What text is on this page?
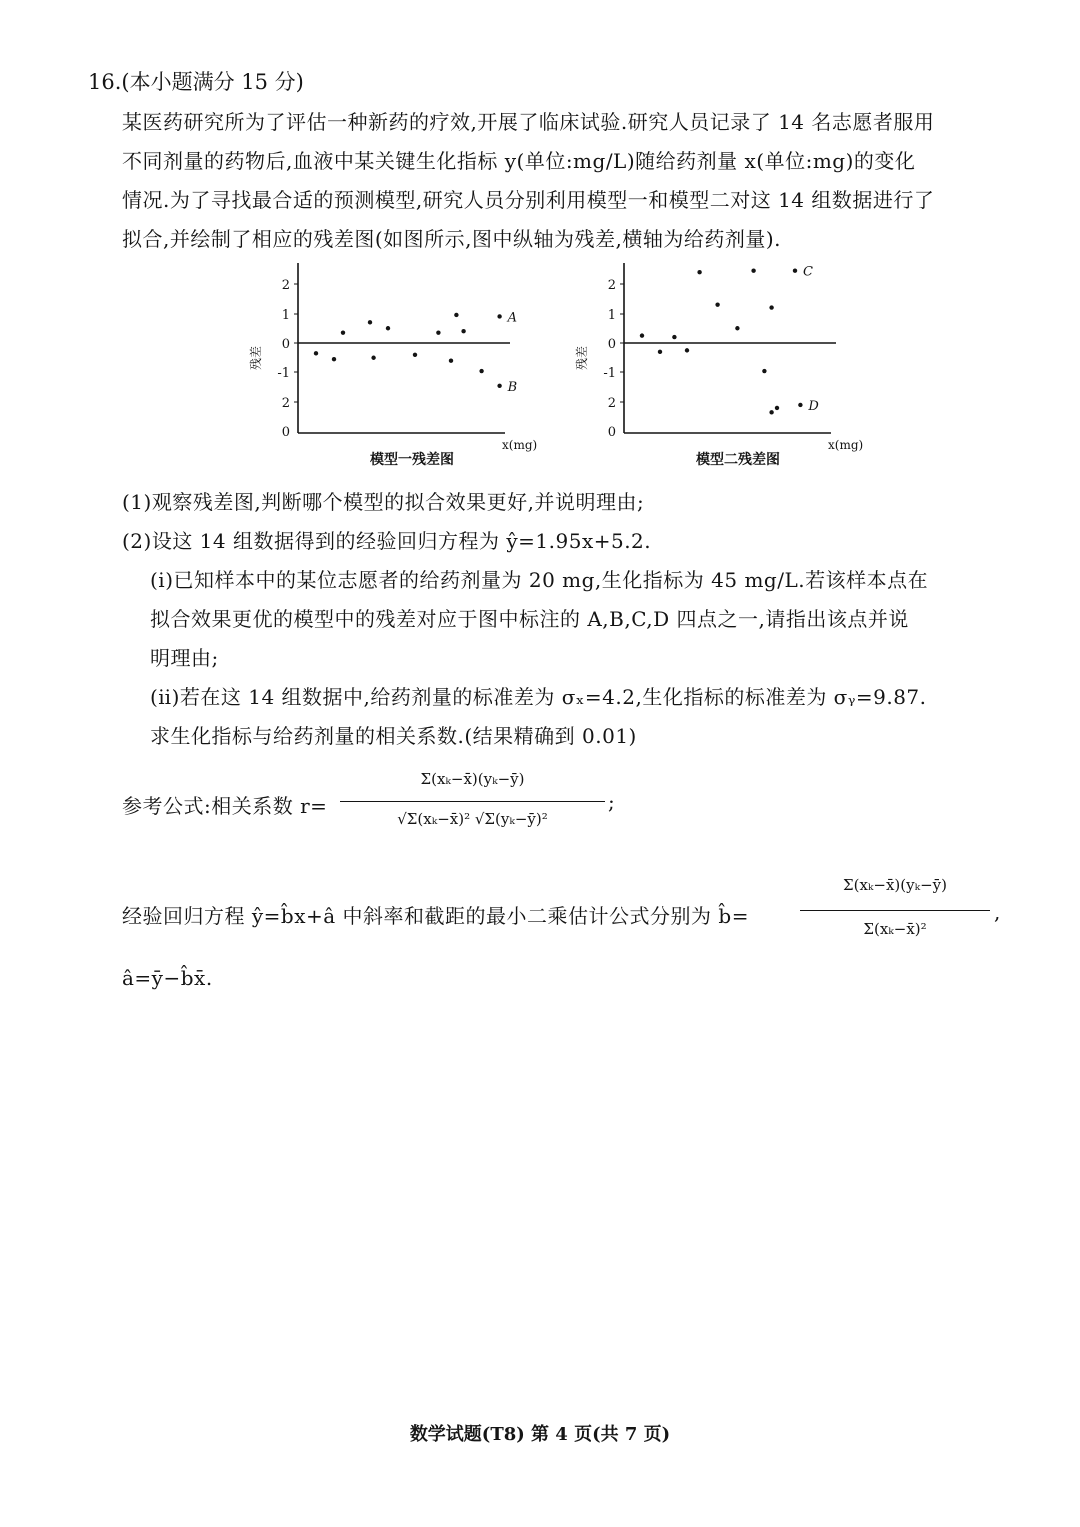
16.(本小题满分 15 分)
某医药研究所为了评估一种新药的疗效,开展了临床试验.研究人员记录了 14 名志愿者服用
不同剂量的药物后,血液中某关键生化指标 y(单位:mg/L)随给药剂量 x(单位:mg)的变化
情况.为了寻找最合适的预测模型,研究人员分别利用模型一和模型二对这 14 组数据进行了
拟合,并绘制了相应的残差图(如图所示,图中纵轴为残差,横轴为给药剂量).
2
1
0
-1
2
0
残差
x(mg)
模型一残差图
A
B
2
1
0
-1
2
0
残差
x(mg)
模型二残差图
C
D
(1)观察残差图,判断哪个模型的拟合效果更好,并说明理由;
(2)设这 14 组数据得到的经验回归方程为 ŷ=1.95x+5.2.
(ⅰ)已知样本中的某位志愿者的给药剂量为 20 mg,生化指标为 45 mg/L.若该样本点在
拟合效果更优的模型中的残差对应于图中标注的 A,B,C,D 四点之一,请指出该点并说
明理由;
(ⅱ)若在这 14 组数据中,给药剂量的标准差为 σₓ=4.2,生化指标的标准差为 σᵧ=9.87.
求生化指标与给药剂量的相关系数.(结果精确到 0.01)
参考公式:相关系数 r=
Σ(xₖ−x̄)(yₖ−ȳ)
√Σ(xₖ−x̄)² √Σ(yₖ−ȳ)²
;
经验回归方程 ŷ=b̂x+â 中斜率和截距的最小二乘估计公式分别为 b̂=
Σ(xₖ−x̄)(yₖ−ȳ)
Σ(xₖ−x̄)²
,
â=ȳ−b̂x̄.
数学试题(T8) 第 4 页(共 7 页)
